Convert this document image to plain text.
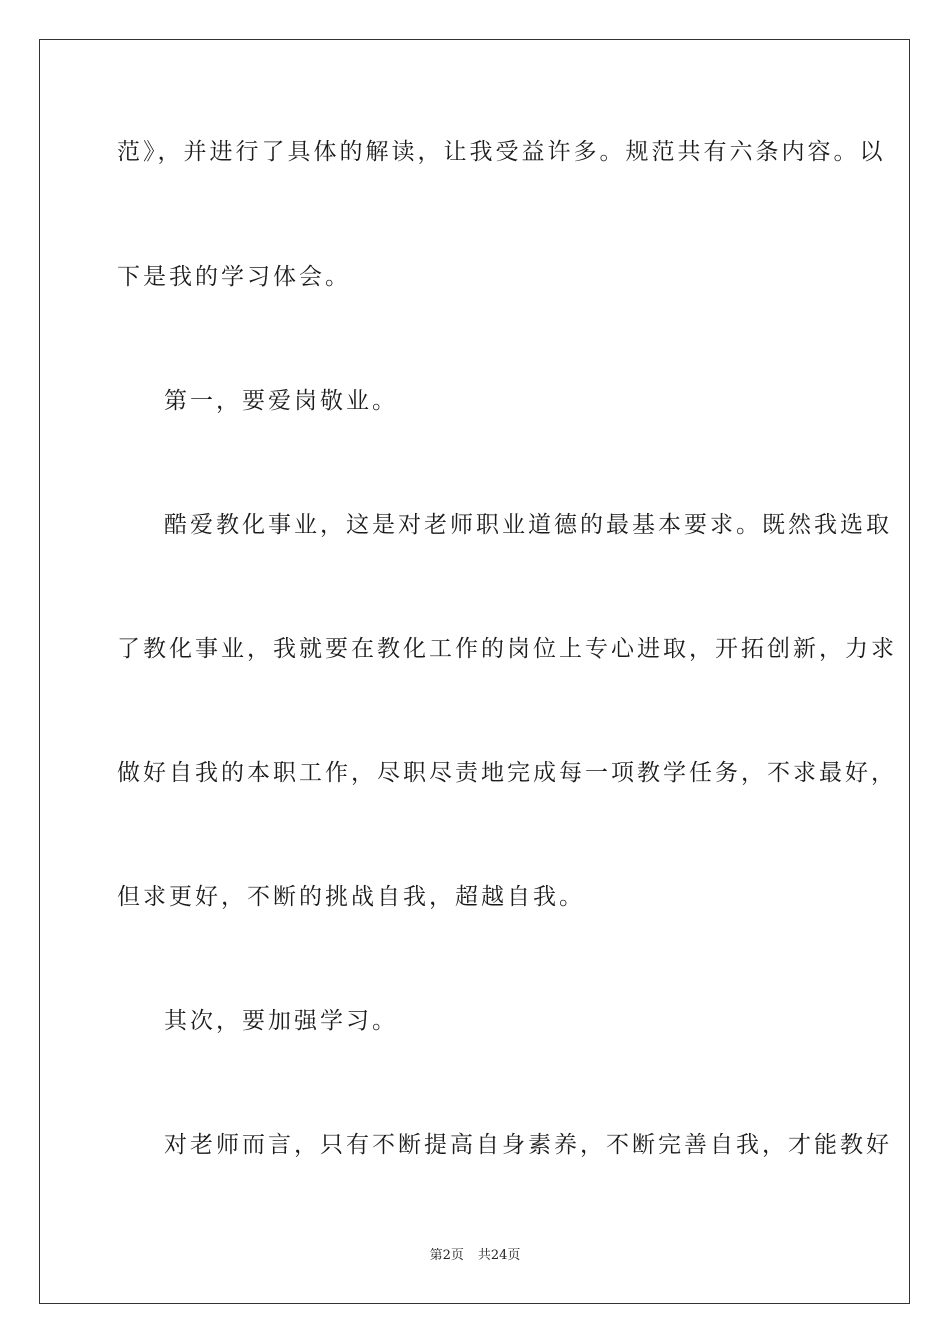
范》，并进行了具体的解读，让我受益许多。规范共有六条内容。以
下是我的学习体会。
第一，要爱岗敬业。
酷爱教化事业，这是对老师职业道德的最基本要求。既然我选取
了教化事业，我就要在教化工作的岗位上专心进取，开拓创新，力求
做好自我的本职工作，尽职尽责地完成每一项教学任务，不求最好，
但求更好，不断的挑战自我，超越自我。
其次，要加强学习。
对老师而言，只有不断提高自身素养，不断完善自我，才能教好
第2页 共24页
